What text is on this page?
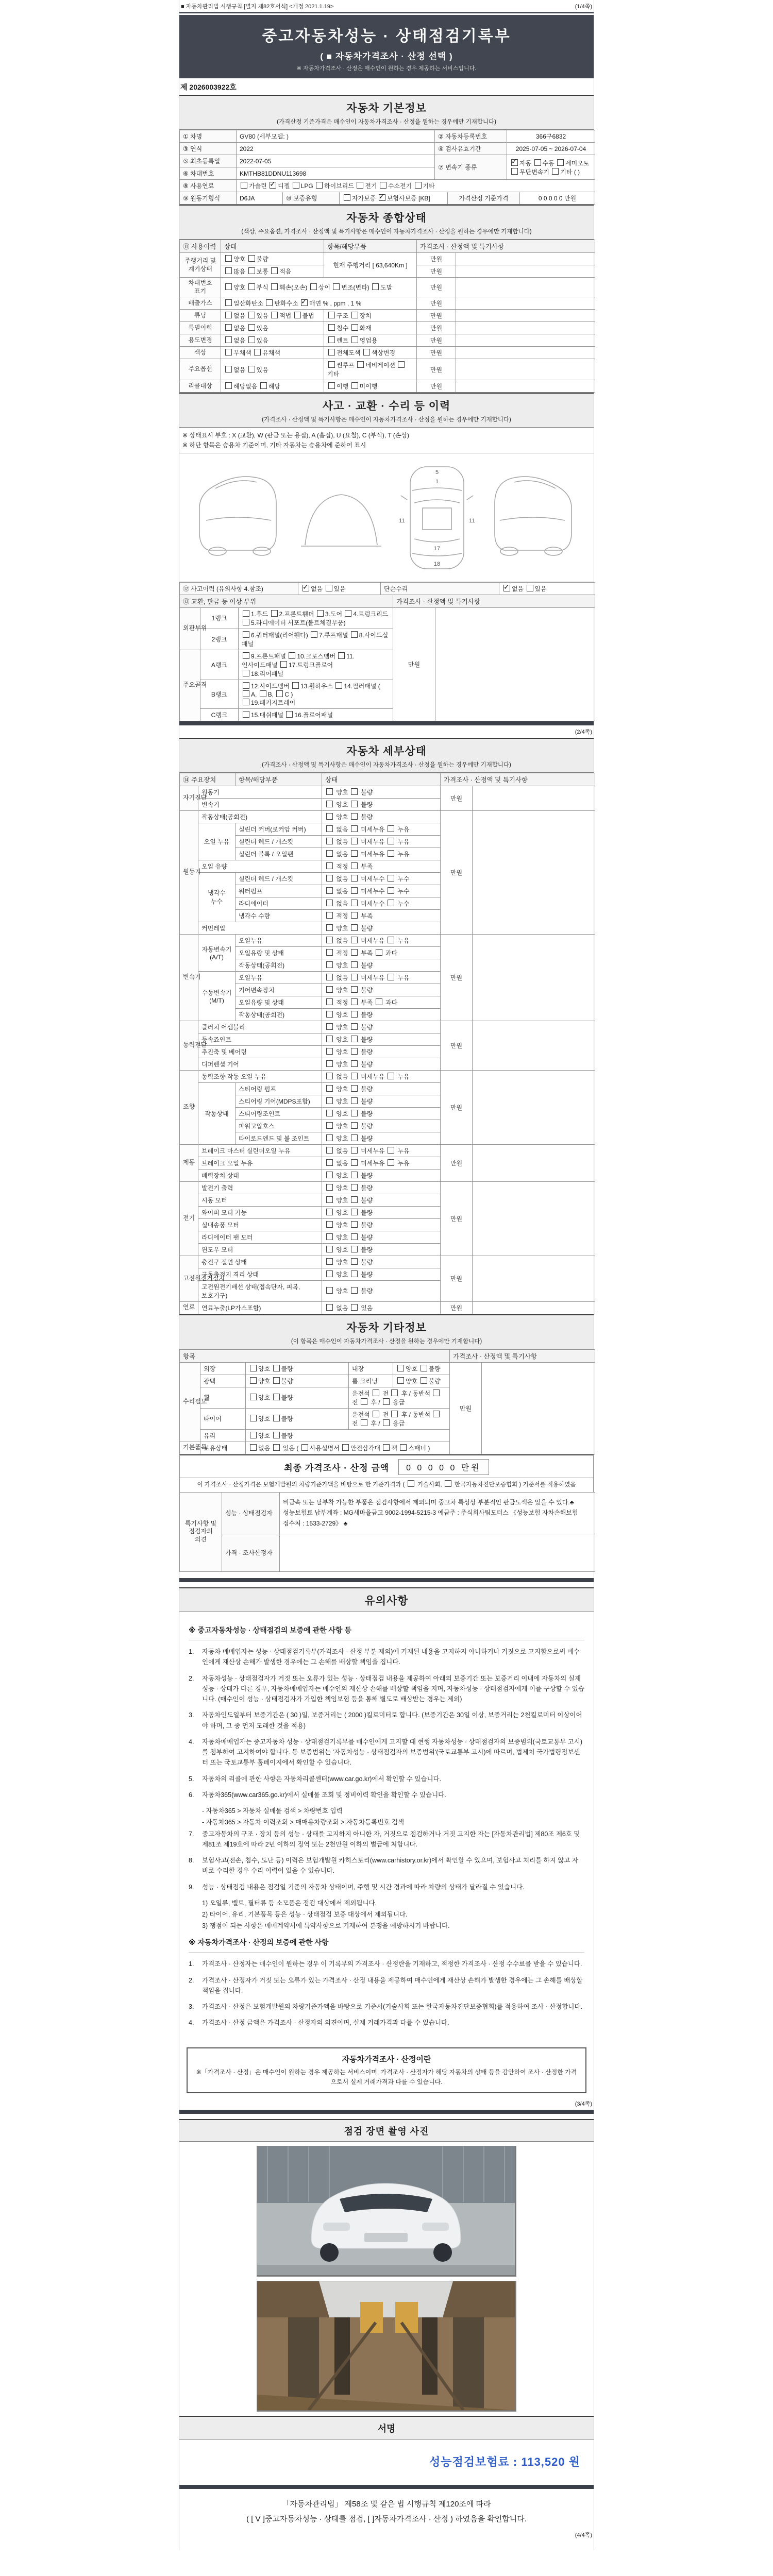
■ 자동차관리법 시행규칙 [별지 제82호서식] <개정 2021.1.19>	(1/4쪽)
중고자동차성능 · 상태점검기록부
( ■ 자동차가격조사 · 산정 선택 )
※ 자동차가격조사 · 산정은 매수인이 원하는 경우 제공하는 서비스입니다.
제 2026003922호
자동차 기본정보
(가격산정 기준가격은 매수인이 자동차가격조사 · 산정을 원하는 경우에만 기재합니다)
① 차명	GV80 (세부모델: )	② 자동차등록번호	366구6832
③ 연식	2022	④ 검사유효기간	2025-07-05 ~ 2026-07-04
⑤ 최초등록일	2022-07-05	⑦ 변속기 종류	✓자동 수동 세미오토
무단변속기 기타 ( )
⑥ 차대번호	KMTHB81DDNU113698		
⑧ 사용연료	가솔린 ✓디젤 LPG 하이브리드 전기 수소전기 기타
⑨ 원동기형식	D6JA	⑩ 보증유형	자가보증 ✓보험사보증 [KB]	가격산정 기준가격	0 0 0 0 0 만원
자동차 종합상태
(색상, 주요옵션, 가격조사 · 산정액 및 특기사항은 매수인이 자동차가격조사 · 산정을 원하는 경우에만 기재합니다)
⑪ 사용이력	상태	항목/해당부품	가격조사 · 산정액 및 특기사항	
주행거리 및 계기상태	양호 불량	현재 주행거리 [ 63,640Km ]	만원	
	많음 보통 적음		만원	
차대번호 표기	양호 부식 훼손(오손) 상이 변조(변타) 도말		만원	
배출가스	일산화탄소 탄화수소 ✓매연 % , ppm , 1 %		만원	
튜닝	없음 있음 적법 불법	구조 장치	만원	
특별이력	없음 있음	침수 화재	만원	
용도변경	없음 있음	렌트 영업용	만원	
색상	무채색 유채색	전체도색 색상변경	만원	
주요옵션	없음 있음	썬루프 네비게이션 기타	만원	
리콜대상	해당없음 해당	이행 미이행	만원	
사고 · 교환 · 수리 등 이력
(가격조사 · 산정액 및 특기사항은 매수인이 자동차가격조사 · 산정을 원하는 경우에만 기재합니다)
※ 상태표시 부호 : X (교환), W (판금 또는 용접), A (흠집), U (요철), C (부식), T (손상)
※ 하단 항목은 승용차 기준이며, 기타 자동차는 승용차에 준하여 표시
11	11
1
5
17
18
⑫ 사고이력 (유의사항 4.참조)	✓없음 있음	단순수리	✓없음 있음
⑬ 교환, 판금 등 이상 부위			가격조사 · 산정액 및 특기사항	
외판부위	1랭크	1.후드 2.프론트휀더 3.도어 4.트렁크리드
5.라디에이터 서포트(볼트체결부품)	만원	
	2랭크	6.쿼터패널(리어휀다) 7.루프패널 8.사이드실 패널		
주요골격	A랭크	9.프론트패널 10.크로스멤버 11.인사이드패널 17.트렁크플로어
18.리어패널		
	B랭크	12.사이드멤버 13.휠하우스 14.필러패널 ( A, B, C )
19.패키지트레이		
	C랭크	15.대쉬패널 16.플로어패널		
(2/4쪽)
자동차 세부상태
(가격조사 · 산정액 및 특기사항은 매수인이 자동차가격조사 · 산정을 원하는 경우에만 기재합니다)
⑭ 주요장치		항목/해당부품	상태	가격조사 · 산정액 및 특기사항	
자기진단	원동기		양호  불량	만원	
	변속기		양호  불량		
원동기	작동상태(공회전)		양호  불량	만원	
	오일 누유	실린더 커버(로커암 커버)	없음  미세누유  누유		
		실린더 헤드 / 개스킷	없음  미세누유  누유		
		실린더 블록 / 오일팬	없음  미세누유  누유		
	오일 유량		적정  부족		
	냉각수 누수	실린더 헤드 / 개스킷	없음  미세누수  누수		
		워터펌프	없음  미세누수  누수		
		라디에이터	없음  미세누수  누수		
		냉각수 수량	적정  부족		
	커먼레일		양호  불량		
변속기	자동변속기 (A/T)	오일누유	없음  미세누유  누유	만원	
		오일유량 및 상태	적정  부족  과다		
		작동상태(공회전)	양호  불량		
	수동변속기 (M/T)	오일누유	없음  미세누유  누유		
		기어변속장치	양호  불량		
		오일유량 및 상태	적정  부족  과다		
		작동상태(공회전)	양호  불량		
동력전달	클러치 어셈블리		양호  불량	만원	
	등속죠인트		양호  불량		
	추진축 및 베어링		양호  불량		
	디퍼렌셜 기어		양호  불량		
조향	동력조향 작동 오일 누유		없음  미세누유  누유	만원	
	작동상태	스티어링 펌프	양호  불량		
		스티어링 기어(MDPS포함)	양호  불량		
		스티어링조인트	양호  불량		
		파워고압호스	양호  불량		
		타이로드엔드 및 볼 조인트	양호  불량		
제동	브레이크 마스터 실린더오일 누유		없음  미세누유  누유	만원	
	브레이크 오일 누유		없음  미세누유  누유		
	배력장치 상태		양호  불량		
전기	발전기 출력		양호  불량	만원	
	시동 모터		양호  불량		
	와이퍼 모터 기능		양호  불량		
	실내송풍 모터		양호  불량		
	라디에이터 팬 모터		양호  불량		
	윈도우 모터		양호  불량		
고전원전기장치	충전구 절연 상태		양호  불량	만원	
	구동축전지 격리 상태		양호  불량		
	고전원전기배선 상태(접속단자, 피복, 보호기구)		양호  불량		
연료	연료누출(LP가스포함)		없음  있음	만원	
자동차 기타정보
(이 항목은 매수인이 자동차가격조사 · 산정을 원하는 경우에만 기재합니다)
항목					가격조사 · 산정액 및 특기사항	
수리필요	외장	양호 불량	내장	양호 불량	만원	
	광택	양호 불량	룸 크리닝	양호 불량		
	휠	양호 불량	운전석  전  후 / 동반석  전  후 /  응급			
	타이어	양호 불량	운전석  전  후 / 동반석  전  후 /  응급			
	유리	양호 불량				
기본품목	보유상태	없음  있음 ( 사용설명서 안전삼각대 잭 스패너 )				
최종 가격조사 · 산정 금액	0 0 0 0 0 만원
이 가격조사 · 산정가격은 보험개발원의 차량기준가액을 바탕으로 한 기준가격과 (  기술사회,  한국자동차진단보증협회 ) 기준서를 적용하였음
특기사항 및 점검자의 의견	성능 · 상태점검자	비금속 또는 탈부착 가능한 부품은 점검사항에서 제외되며 중고차 특성상 부분적인 판금도색은 있을 수 있다.♣ 성능보험료 납부계좌 : MG새마을금고 9002-1994-5215-3 예금주 : 주식회사팀모터스 《성능보험 자차손해보험 접수처 : 1533-2729》 ♣
	가격 · 조사산정자	
유의사항
※ 중고자동차성능 · 상태점검의 보증에 관한 사항 등
1.	자동차 매매업자는 성능 · 상태점검기록부(가격조사 · 산정 부분 제외)에 기재된 내용을 고지하지 아니하거나 거짓으로 고지함으로써 매수인에게 재산상 손해가 발생한 경우에는 그 손해를 배상할 책임을 집니다.
2.	자동차성능 · 상태점검자가 거짓 또는 오류가 있는 성능 · 상태점검 내용을 제공하여 아래의 보증기간 또는 보증거리 이내에 자동차의 실제 성능 · 상태가 다른 경우, 자동차매매업자는 매수인의 재산상 손해를 배상할 책임을 지며, 자동차성능 · 상태점검자에게 이를 구상할 수 있습니다. (매수인이 성능 · 상태점검자가 가입한 책임보험 등을 통해 별도로 배상받는 경우는 제외)
3.	자동차인도일부터 보증기간은 ( 30 )일, 보증거리는 ( 2000 )킬로미터로 합니다. (보증기간은 30일 이상, 보증거리는 2천킬로미터 이상이어야 하며, 그 중 먼저 도래한 것을 적용)
4.	자동차매매업자는 중고자동차 성능 · 상태점검기록부를 매수인에게 고지할 때 현행 자동차성능 · 상태점검자의 보증범위(국토교통부 고시)를 첨부하여 고지하여야 합니다. 동 보증범위는 '자동차성능 · 상태점검자의 보증범위'(국토교통부 고시)에 따르며, 법제처 국가법령정보센터 또는 국토교통부 홈페이지에서 확인할 수 있습니다.
5.	자동차의 리콜에 관한 사항은 자동차리콜센터(www.car.go.kr)에서 확인할 수 있습니다.
6.	자동차365(www.car365.go.kr)에서 실매물 조회 및 정비이력 확인을 확인할 수 있습니다.
- 자동차365 > 자동차 실매물 검색 > 차량번호 입력
- 자동차365 > 자동차 이력조회 > 매매용차량조회 > 자동차등록번호 검색
7.	중고자동차의 구조 · 장치 등의 성능 · 상태를 고지하지 아니한 자, 거짓으로 점검하거나 거짓 고지한 자는 [자동차관리법] 제80조 제6호 및 제81조 제19호에 따라 2년 이하의 징역 또는 2천만원 이하의 벌금에 처합니다.
8.	보험사고(전손, 침수, 도난 등) 이력은 보험개발원 카히스토리(www.carhistory.or.kr)에서 확인할 수 있으며, 보험사고 처리를 하지 않고 자비로 수리한 경우 수리 이력이 있을 수 있습니다.
9.	성능 · 상태점검 내용은 점검일 기준의 자동차 상태이며, 주행 및 시간 경과에 따라 차량의 상태가 달라질 수 있습니다.
1) 오일류, 벨트, 필터류 등 소모품은 점검 대상에서 제외됩니다.
2) 타이어, 유리, 기본품목 등은 성능 · 상태점검 보증 대상에서 제외됩니다.
3) 쟁점이 되는 사항은 매매계약서에 특약사항으로 기재하여 분쟁을 예방하시기 바랍니다.
※ 자동차가격조사 · 산정의 보증에 관한 사항
1.	가격조사 · 산정자는 매수인이 원하는 경우 이 기록부의 가격조사 · 산정란을 기재하고, 적정한 가격조사 · 산정 수수료를 받을 수 있습니다.
2.	가격조사 · 산정자가 거짓 또는 오류가 있는 가격조사 · 산정 내용을 제공하여 매수인에게 재산상 손해가 발생한 경우에는 그 손해를 배상할 책임을 집니다.
3.	가격조사 · 산정은 보험개발원의 차량기준가액을 바탕으로 기준서(기술사회 또는 한국자동차진단보증협회)를 적용하여 조사 · 산정합니다.
4.	가격조사 · 산정 금액은 가격조사 · 산정자의 의견이며, 실제 거래가격과 다를 수 있습니다.
자동차가격조사 · 산정이란
※「가격조사 · 산정」은 매수인이 원하는 경우 제공하는 서비스이며, 가격조사 · 산정자가 해당 자동차의 상태 등을 감안하여 조사 · 산정한 가격으로서 실제 거래가격과 다를 수 있습니다.
(3/4쪽)
점검 장면 촬영 사진
서명
성능점검보험료 : 113,520 원
「자동차관리법」 제58조 및 같은 법 시행규칙 제120조에 따라
( [ V ]중고자동차성능 · 상태를 점검, [ ]자동차가격조사 · 산정 ) 하였음을 확인합니다.
(4/4쪽)
